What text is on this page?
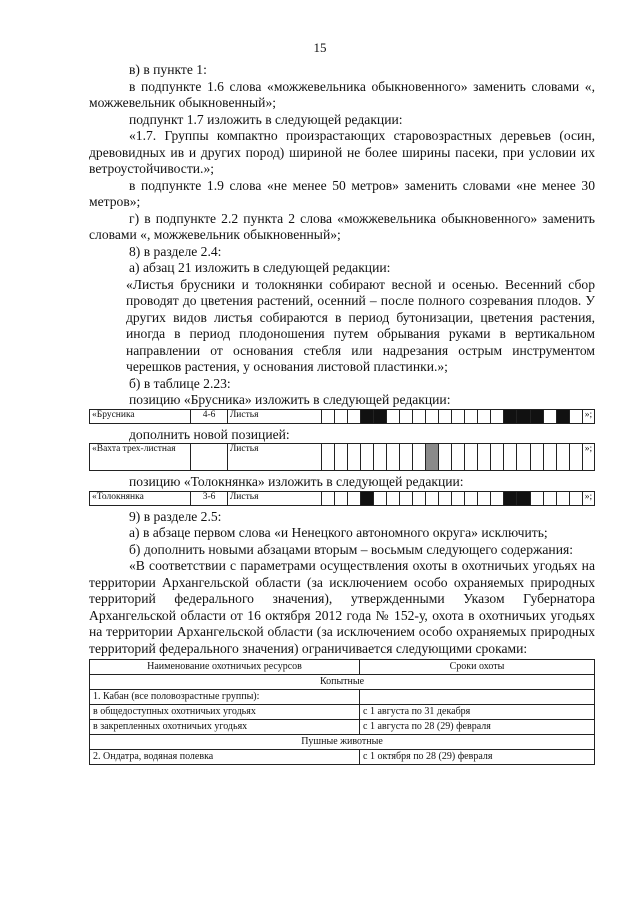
15

в) в пункте 1:

в подпункте 1.6 слова «можжевельника обыкновенного» заменить словами «, можжевельник обыкновенный»;

подпункт 1.7 изложить в следующей редакции:

«1.7. Группы компактно произрастающих старовозрастных деревьев (осин, древовидных ив и других пород) шириной не более ширины пасеки, при условии их ветроустойчивости.»;

в подпункте 1.9 слова «не менее 50 метров» заменить словами «не менее 30 метров»;

г) в подпункте 2.2 пункта 2 слова «можжевельника обыкновенного» заменить словами «, можжевельник обыкновенный»;

8) в разделе 2.4:

а) абзац 21 изложить в следующей редакции:

«Листья брусники и толокнянки собирают весной и осенью. Весенний сбор проводят до цветения растений, осенний – после полного созревания плодов. У других видов листья собираются в период бутонизации, цветения растения, иногда в период плодоношения путем обрывания руками в вертикальном направлении от основания стебля или надрезания острым инструментом черешков растения, у основания листовой пластинки.»;

б) в таблице 2.23:

позицию «Брусника» изложить в следующей редакции:

«Брусника	4-6	Листья	»;

дополнить новой позицией:

«Вахта трех-листная	Листья	»;

позицию «Толокнянка» изложить в следующей редакции:

«Толокнянка	3-6	Листья	»;

9) в разделе 2.5:

а) в абзаце первом слова «и Ненецкого автономного округа» исключить;

б) дополнить новыми абзацами вторым – восьмым следующего содержания:

«В соответствии с параметрами осуществления охоты в охотничьих угодьях на территории Архангельской области (за исключением особо охраняемых природных территорий федерального значения), утвержденными Указом Губернатора Архангельской области от 16 октября 2012 года № 152-у, охота в охотничьих угодьях на территории Архангельской области (за исключением особо охраняемых природных территорий федерального значения) ограничивается следующими сроками:

Наименование охотничьих ресурсов	Сроки охоты
Копытные	
1. Кабан (все половозрастные группы):	
в общедоступных охотничьих угодьях	с 1 августа по 31 декабря
в закрепленных охотничьих угодьях	с 1 августа по 28 (29) февраля
Пушные животные	
2. Ондатра, водяная полевка	с 1 октября по 28 (29) февраля
